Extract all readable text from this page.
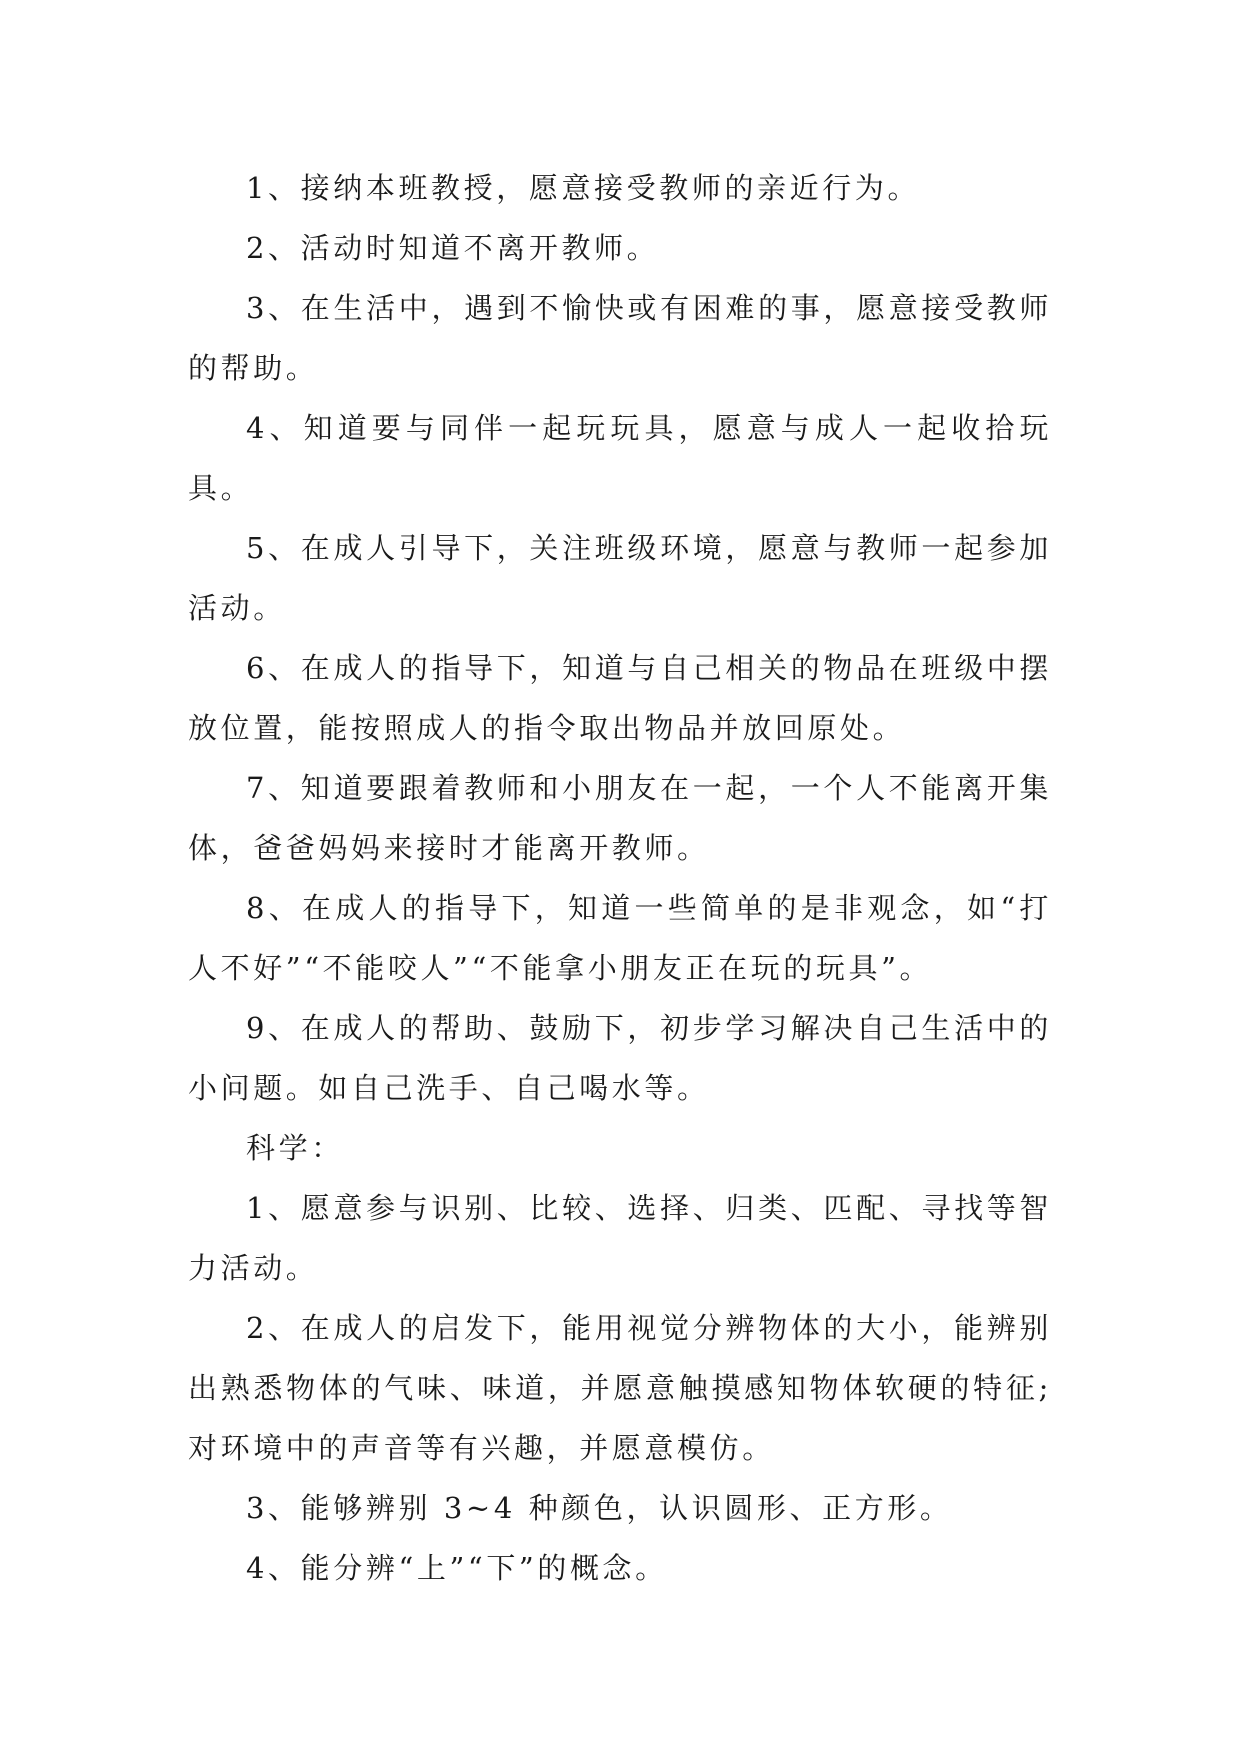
1、接纳本班教授，愿意接受教师的亲近行为。

2、活动时知道不离开教师。

3、在生活中，遇到不愉快或有困难的事，愿意接受教师的帮助。

4、知道要与同伴一起玩玩具，愿意与成人一起收拾玩具。

5、在成人引导下，关注班级环境，愿意与教师一起参加活动。

6、在成人的指导下，知道与自己相关的物品在班级中摆放位置，能按照成人的指令取出物品并放回原处。

7、知道要跟着教师和小朋友在一起，一个人不能离开集体，爸爸妈妈来接时才能离开教师。

8、在成人的指导下，知道一些简单的是非观念，如“打人不好”“不能咬人”“不能拿小朋友正在玩的玩具”。

9、在成人的帮助、鼓励下，初步学习解决自己生活中的小问题。如自己洗手、自己喝水等。

科学：

1、愿意参与识别、比较、选择、归类、匹配、寻找等智力活动。

2、在成人的启发下，能用视觉分辨物体的大小，能辨别出熟悉物体的气味、味道，并愿意触摸感知物体软硬的特征;对环境中的声音等有兴趣，并愿意模仿。

3、能够辨别 3~4 种颜色，认识圆形、正方形。

4、能分辨“上”“下”的概念。
